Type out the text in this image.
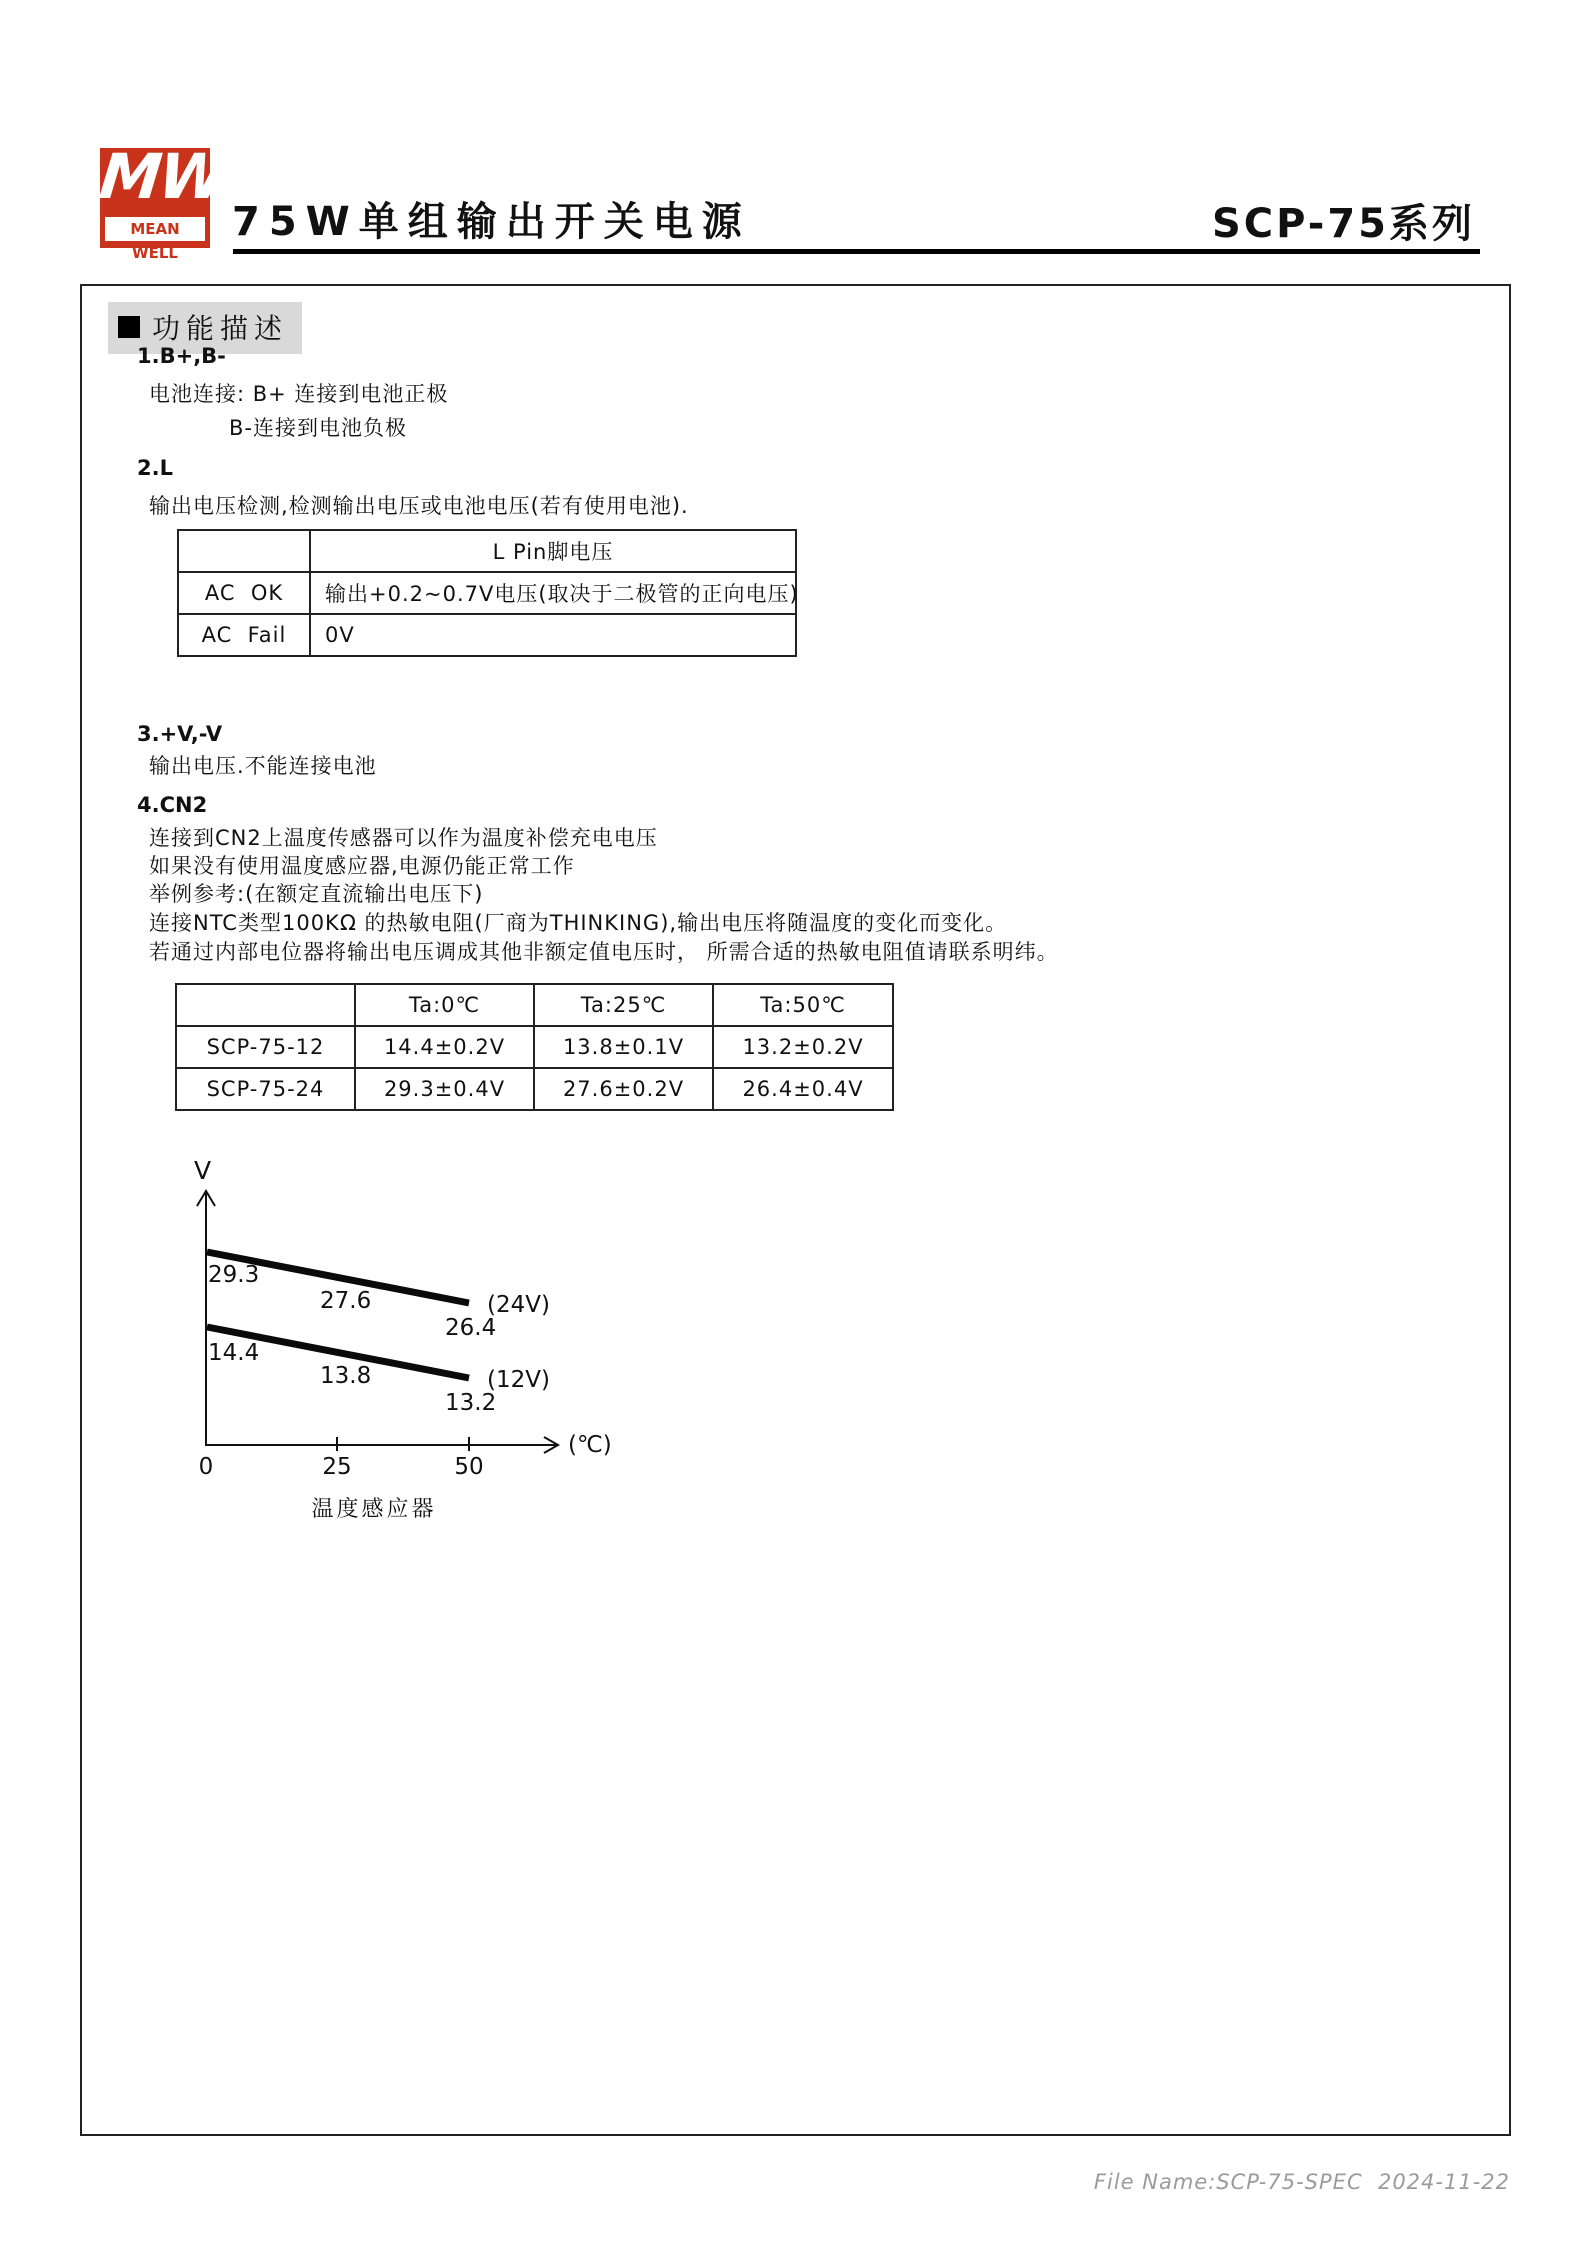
MW
MEAN WELL
75W单组输出开关电源	SCP-75系列
功能描述
1.B+,B-
电池连接: B+ 连接到电池正极
B-连接到电池负极
2.L
输出电压检测,检测输出电压或电池电压(若有使用电池).
	L Pin脚电压
AC  OK	输出+0.2~0.7V电压(取决于二极管的正向电压)
AC  Fail	0V
3.+V,-V
输出电压.不能连接电池
4.CN2
连接到CN2上温度传感器可以作为温度补偿充电电压
如果没有使用温度感应器,电源仍能正常工作
举例参考:(在额定直流输出电压下)
连接NTC类型100KΩ 的热敏电阻(厂商为THINKING),输出电压将随温度的变化而变化。
若通过内部电位器将输出电压调成其他非额定值电压时， 所需合适的热敏电阻值请联系明纬。
	Ta:0℃	Ta:25℃	Ta:50℃
SCP-75-12	14.4±0.2V	13.8±0.1V	13.2±0.2V
SCP-75-24	29.3±0.4V	27.6±0.2V	26.4±0.4V
V
29.3
27.6
26.4
(24V)
14.4
13.8
13.2
(12V)
0	25	50
(℃)
温度感应器
File Name:SCP-75-SPEC  2024-11-22
